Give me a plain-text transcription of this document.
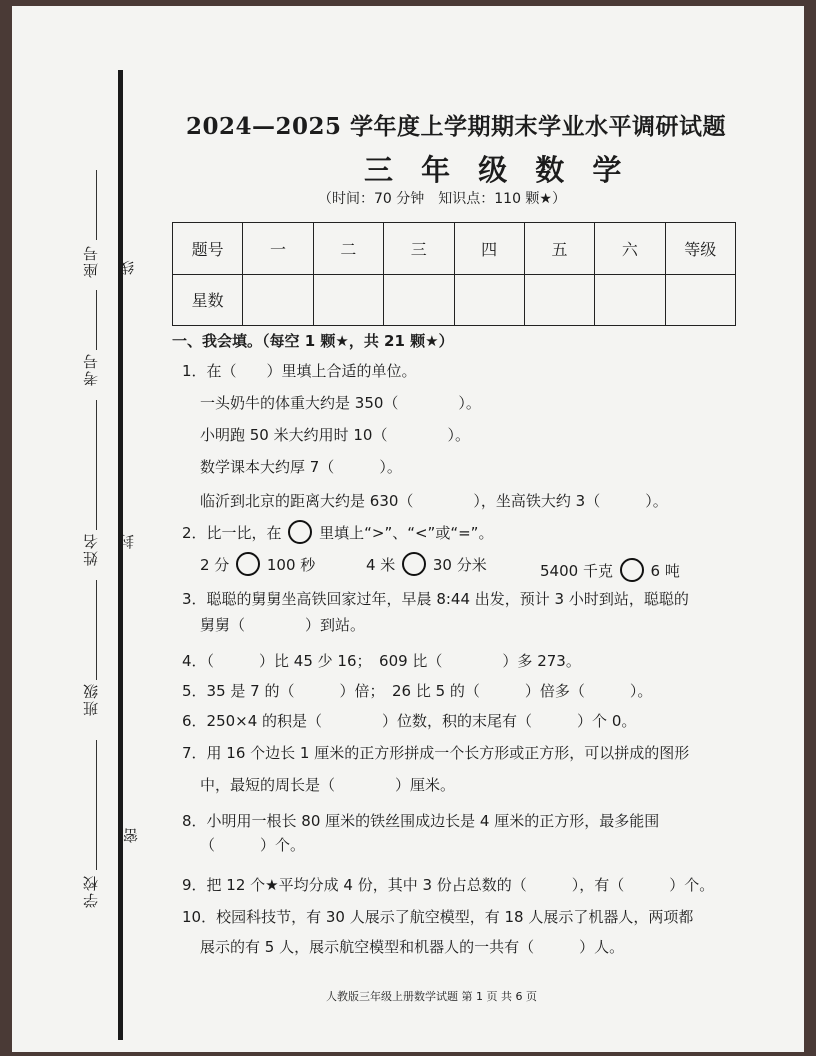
线
封
密
座号
考号
姓名
班级
学校
2024—2025 学年度上学期期末学业水平调研试题
三 年 级 数 学
（时间：70 分钟　知识点：110 颗★）
题号	一	二	三	四	五	六	等级
星数							
一、我会填。（每空 1 颗★，共 21 颗★）
1．在（　　）里填上合适的单位。
一头奶牛的体重大约是 350（　　　　）。
小明跑 50 米大约用时 10（　　　　）。
数学课本大约厚 7（　　　）。
临沂到北京的距离大约是 630（　　　　），坐高铁大约 3（　　　）。
2．比一比，在	里填上“>”、“<”或“=”。
2 分	100 秒	4 米	30 分米	5400 千克	6 吨
3．聪聪的舅舅坐高铁回家过年，早晨 8:44 出发，预计 3 小时到站，聪聪的
舅舅（　　　　）到站。
4．（　　　）比 45 少 16；　609 比（　　　　）多 273。
5．35 是 7 的（　　　）倍；　26 比 5 的（　　　）倍多（　　　）。
6．250×4 的积是（　　　　）位数，积的末尾有（　　　）个 0。
7．用 16 个边长 1 厘米的正方形拼成一个长方形或正方形，可以拼成的图形
中，最短的周长是（　　　　）厘米。
8．小明用一根长 80 厘米的铁丝围成边长是 4 厘米的正方形，最多能围
（　　　）个。
9．把 12 个★平均分成 4 份，其中 3 份占总数的（　　　），有（　　　）个。
10．校园科技节，有 30 人展示了航空模型，有 18 人展示了机器人，两项都
展示的有 5 人，展示航空模型和机器人的一共有（　　　）人。
人教版三年级上册数学试题 第 1 页 共 6 页
